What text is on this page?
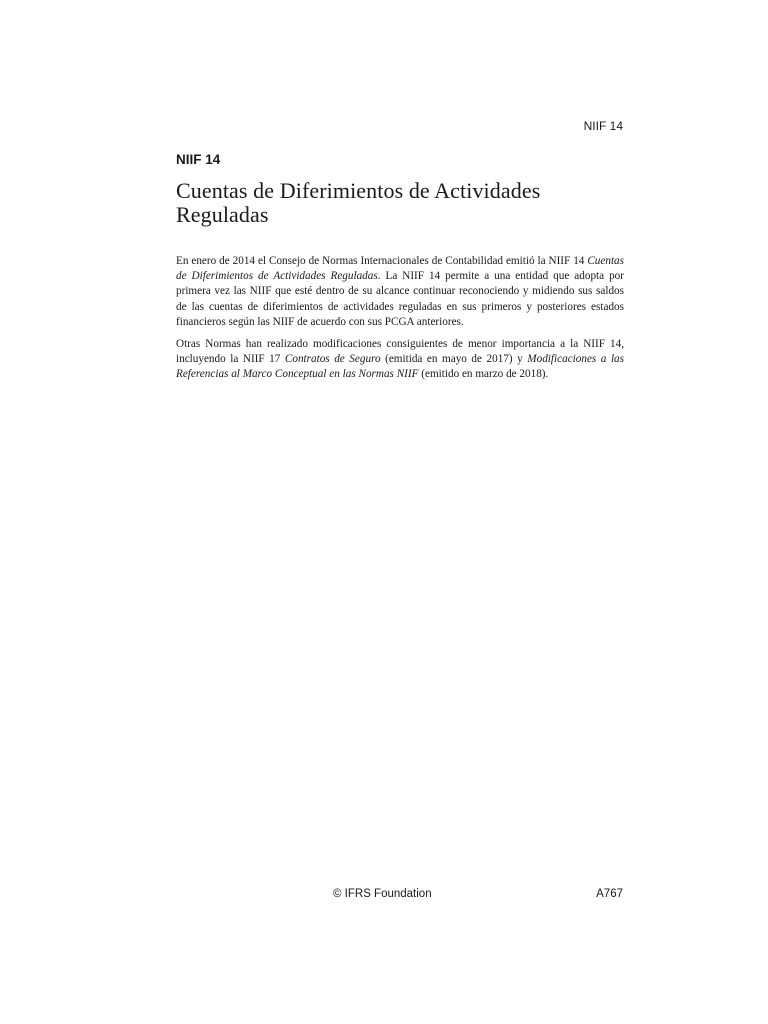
NIIF 14
NIIF 14
Cuentas de Diferimientos de Actividades Reguladas

En enero de 2014 el Consejo de Normas Internacionales de Contabilidad emitió la NIIF 14 Cuentas de Diferimientos de Actividades Reguladas. La NIIF 14 permite a una entidad que adopta por primera vez las NIIF que esté dentro de su alcance continuar reconociendo y midiendo sus saldos de las cuentas de diferimientos de actividades reguladas en sus primeros y posteriores estados financieros según las NIIF de acuerdo con sus PCGA anteriores.

Otras Normas han realizado modificaciones consiguientes de menor importancia a la NIIF 14, incluyendo la NIIF 17 Contratos de Seguro (emitida en mayo de 2017) y Modificaciones a las Referencias al Marco Conceptual en las Normas NIIF (emitido en marzo de 2018).

© IFRS Foundation	A767
